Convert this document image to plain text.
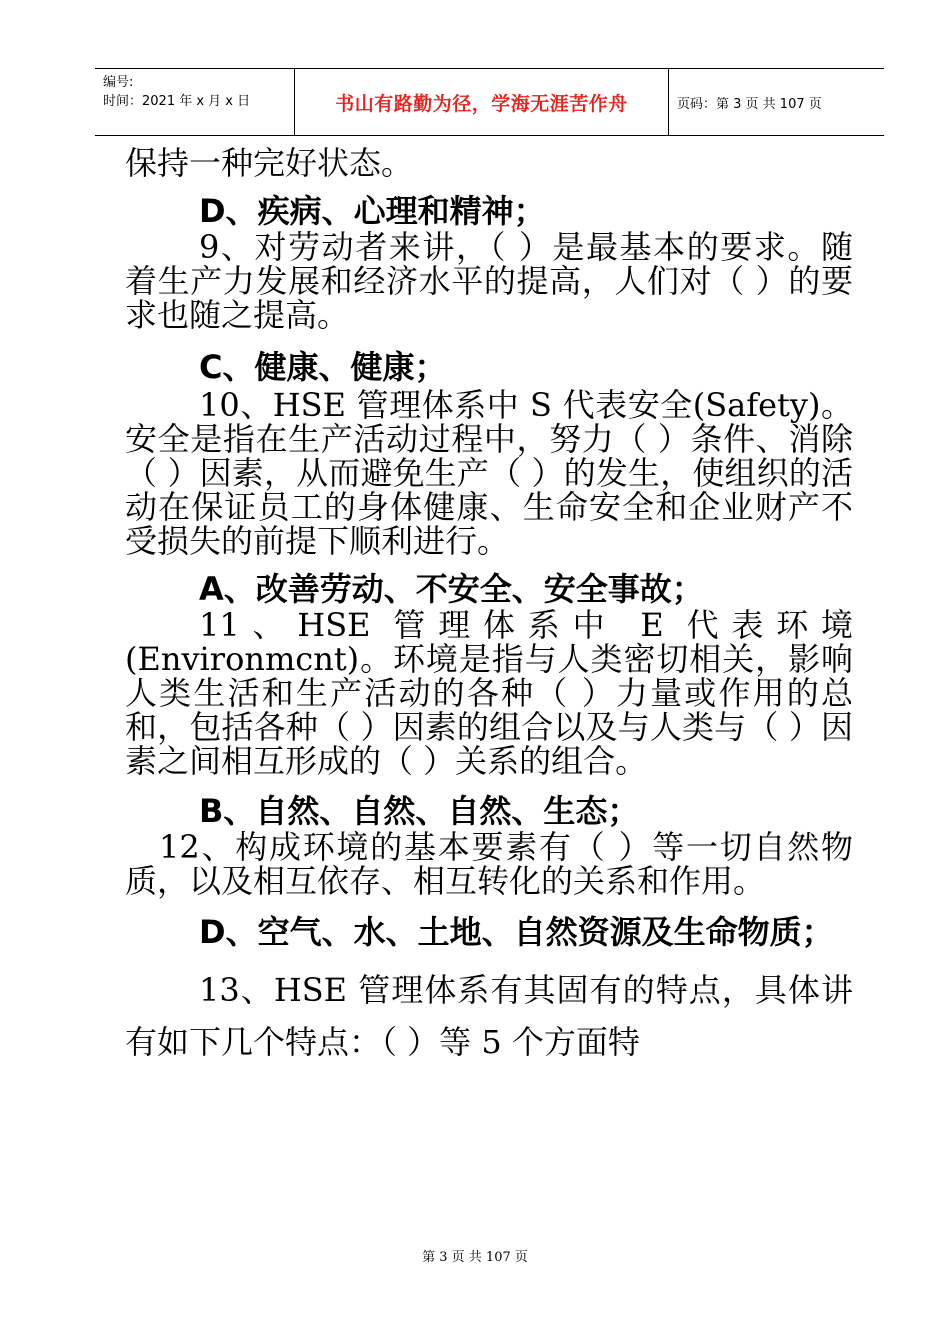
编号:
时间：2021 年 x 月 x 日	书山有路勤为径，学海无涯苦作舟	页码：第 3 页 共 107 页

保持一种完好状态。

D、疾病、心理和精神；

9、对劳动者来讲，（ ）是最基本的要求。随着生产力发展和经济水平的提高，人们对（ ）的要求也随之提高。

C、健康、健康；

10、HSE 管理体系中 S 代表安全(Safety)。安全是指在生产活动过程中，努力（ ）条件、消除（ ）因素，从而避免生产（ ）的发生，使组织的活动在保证员工的身体健康、生命安全和企业财产不受损失的前提下顺利进行。

A、改善劳动、不安全、安全事故；

11、HSE 管理体系中 E 代表环境(Environmcnt)。环境是指与人类密切相关，影响人类生活和生产活动的各种（ ）力量或作用的总和，包括各种（ ）因素的组合以及与人类与（ ）因素之间相互形成的（ ）关系的组合。

B、自然、自然、自然、生态；

12、构成环境的基本要素有（ ）等一切自然物质，以及相互依存、相互转化的关系和作用。

D、空气、水、土地、自然资源及生命物质；

13、HSE 管理体系有其固有的特点，具体讲有如下几个特点：（ ）等 5 个方面特

第 3 页 共 107 页
